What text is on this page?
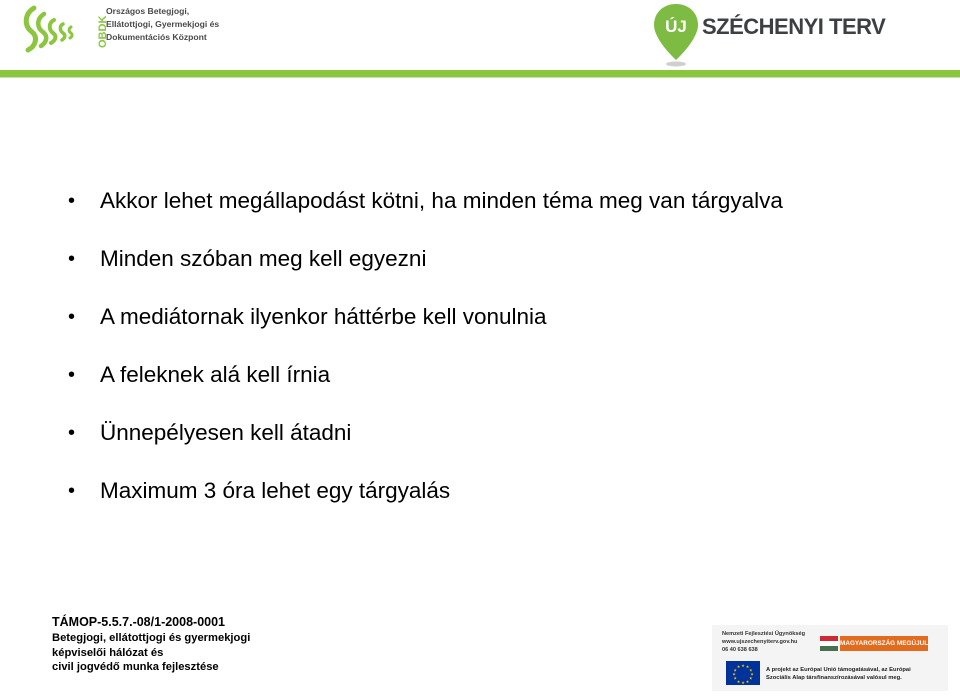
OBDK
Országos Betegjogi,
Ellátottjogi, Gyermekjogi és
Dokumentációs Központ
ÚJ SZÉCHENYI TERV
• Akkor lehet megállapodást kötni, ha minden téma meg van tárgyalva
• Minden szóban meg kell egyezni
• A mediátornak ilyenkor háttérbe kell vonulnia
• A feleknek alá kell írnia
• Ünnepélyesen kell átadni
• Maximum 3 óra lehet egy tárgyalás
TÁMOP-5.5.7.-08/1-2008-0001
Betegjogi, ellátottjogi és gyermekjogi
képviselői hálózat és
civil jogvédő munka fejlesztése
Nemzeti Fejlesztési Ügynökség
www.ujszechenyiterv.gov.hu
06 40 638 638
MAGYARORSZÁG MEGÚJUL
★ ★
★
★
★
★
★
★
★
★
★
★
A projekt az Európai Unió támogatásával, az Európai
Szociális Alap társfinanszírozásával valósul meg.
